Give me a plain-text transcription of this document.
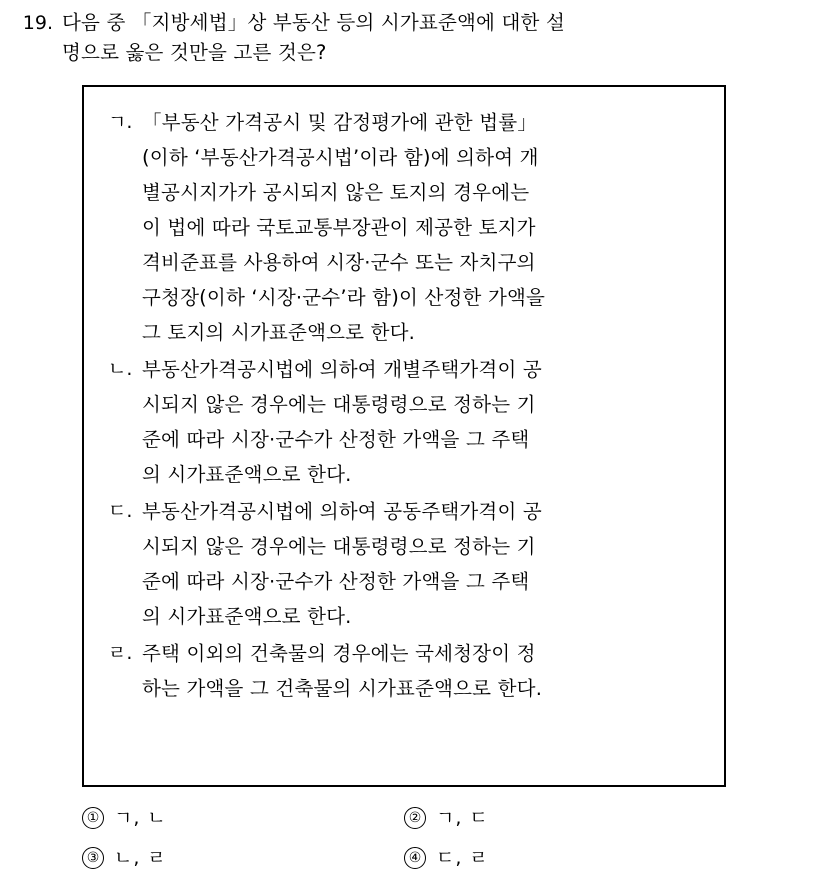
19. 다음 중 「지방세법」상 부동산 등의 시가표준액에 대한 설
명으로 옳은 것만을 고른 것은?
ㄱ. 「부동산 가격공시 및 감정평가에 관한 법률」
(이하 ‘부동산가격공시법’이라 함)에 의하여 개
별공시지가가 공시되지 않은 토지의 경우에는
이 법에 따라 국토교통부장관이 제공한 토지가
격비준표를 사용하여 시장·군수 또는 자치구의
구청장(이하 ‘시장·군수’라 함)이 산정한 가액을
그 토지의 시가표준액으로 한다.
ㄴ. 부동산가격공시법에 의하여 개별주택가격이 공
시되지 않은 경우에는 대통령령으로 정하는 기
준에 따라 시장·군수가 산정한 가액을 그 주택
의 시가표준액으로 한다.
ㄷ. 부동산가격공시법에 의하여 공동주택가격이 공
시되지 않은 경우에는 대통령령으로 정하는 기
준에 따라 시장·군수가 산정한 가액을 그 주택
의 시가표준액으로 한다.
ㄹ. 주택 이외의 건축물의 경우에는 국세청장이 정
하는 가액을 그 건축물의 시가표준액으로 한다.
① ㄱ, ㄴ	② ㄱ, ㄷ
③ ㄴ, ㄹ	④ ㄷ, ㄹ
